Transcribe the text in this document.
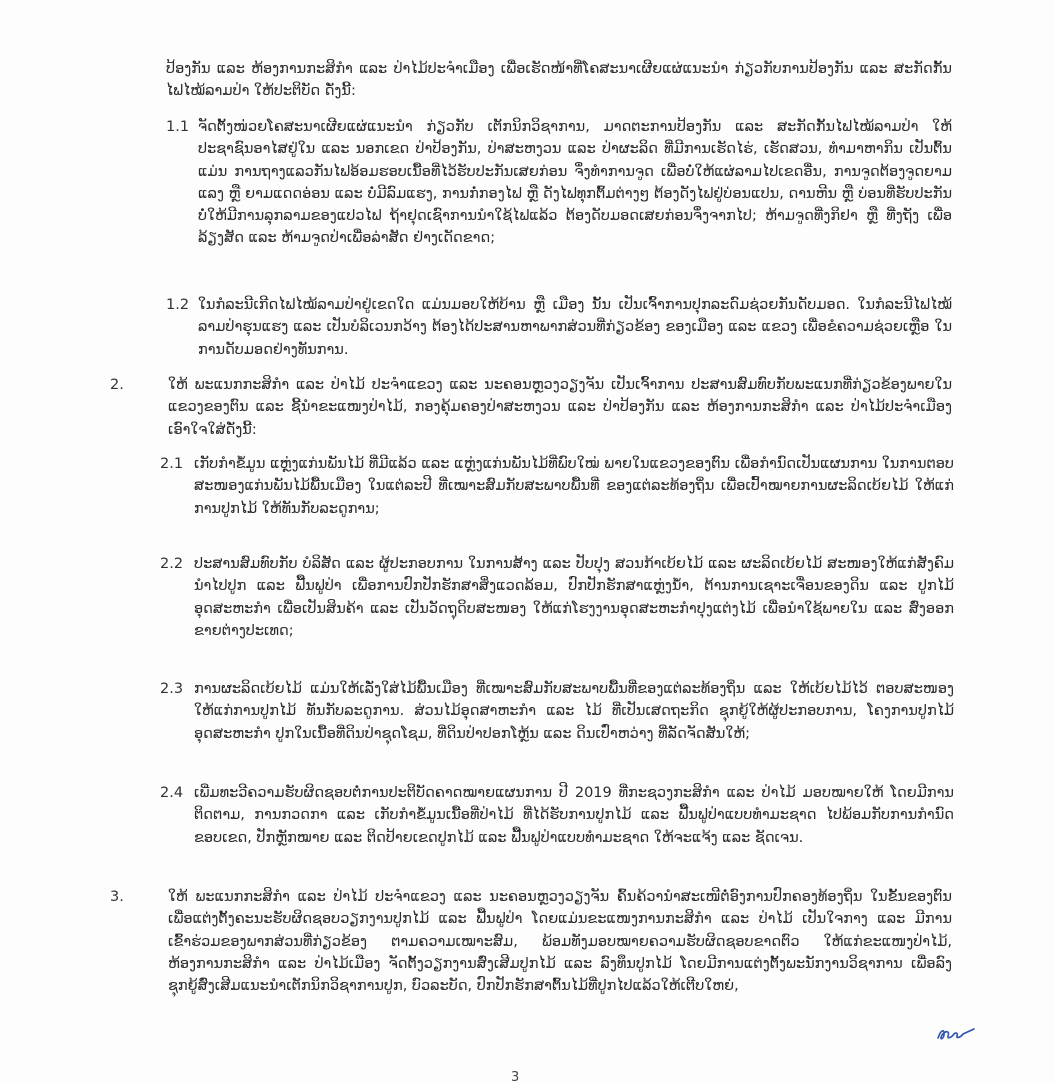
ປ້ອງກັນ ແລະ ຫ້ອງການກະສິກຳ ແລະ ປ່າໄມ້ປະຈຳເມືອງ ເພື່ອເຮັດໜ້າທີ່ໂຄສະນາເຜີຍແຜ່ແນະນຳ ກ່ຽວກັບການປ້ອງກັນ ແລະ ສະກັດກັ້ນໄຟໄໝ້ລາມປ່າ ໃຫ້ປະຕິບັດ ດັ່ງນີ້:
1.1 ຈັດຕັ້ງໜ່ວຍໂຄສະນາເຜີຍແຜ່ແນະນຳ ກ່ຽວກັບ ເຕັກນິກວິຊາການ, ມາດຕະການປ້ອງກັນ ແລະ ສະກັດກັ້ນໄຟໄໝ້ລາມປ່າ ໃຫ້ປະຊາຊົນອາໄສຢູ່ໃນ ແລະ ນອກເຂດ ປ່າປ້ອງກັນ, ປ່າສະຫງວນ ແລະ ປ່າຜະລິດ ທີ່ມີການເຮັດໄຮ່, ເຮັດສວນ, ທຳມາຫາກິນ ເປັນຕົ້ນແມ່ນ ການຖາງແລວກັນໄຟອ້ອມຮອບເນື້ອທີ່ໄວ້ຮັບປະກັນເສຍກ່ອນ ຈຶ່ງທຳການຈູດ ເພື່ອບໍ່ໃຫ້ແຜ່ລາມໄປເຂດອື່ນ, ການຈູດຕ້ອງຈູດຍາມແລງ ຫຼື ຍາມແດດອ່ອນ ແລະ ບໍ່ມີລົມແຮງ, ການກໍ່ກອງໄຟ ຫຼື ດັງໄຟທຸກຕົ້ມຕ່າງໆ ຕ້ອງດັງໄຟຢູ່ບ່ອນແປນ, ດານຫີນ ຫຼື ບ່ອນທີ່ຮັບປະກັນບໍ່ໃຫ້ມີການລຸກລາມຂອງແປວໄຟ ຖ້າຢຸດເຊົາການນຳໃຊ້ໄຟແລ້ວ ຕ້ອງດັບມອດເສຍກ່ອນຈຶ່ງຈາກໄປ; ຫ້າມຈູດທີ່ງກິຢາ ຫຼື ທີ່ງຖັງ ເພື່ອລ້ຽງສັດ ແລະ ຫ້າມຈູດປ່າເພື່ອລ່າສັດ ຢ່າງເດັດຂາດ;
1.2 ໃນກໍລະນີເກີດໄຟໄໝ້ລາມປ່າຢູ່ເຂດໃດ ແມ່ນມອບໃຫ້ບ້ານ ຫຼື ເມືອງ ນັ້ນ ເປັນເຈົ້າການປຸກລະດົມຊ່ວຍກັນດັບມອດ. ໃນກໍລະນີໄຟໄໝ້ລາມປ່າຮຸນແຮງ ແລະ ເປັນບໍລິເວນກວ້າງ ຕ້ອງໄດ້ປະສານຫາພາກສ່ວນທີ່ກ່ຽວຂ້ອງ ຂອງເມືອງ ແລະ ແຂວງ ເພື່ອຂໍຄວາມຊ່ວຍເຫຼືອ ໃນການດັບມອດຢ່າງທັນການ.
2.	ໃຫ້ ພະແນກກະສິກຳ ແລະ ປ່າໄມ້ ປະຈຳແຂວງ ແລະ ນະຄອນຫຼວງວຽງຈັນ ເປັນເຈົ້າການ ປະສານສົມທົບກັບພະແນກທີ່ກ່ຽວຂ້ອງພາຍໃນແຂວງຂອງຕົນ ແລະ ຊີ້ນຳຂະແໜງປ່າໄມ້, ກອງຄຸ້ມຄອງປ່າສະຫງວນ ແລະ ປ່າປ້ອງກັນ ແລະ ຫ້ອງການກະສິກຳ ແລະ ປ່າໄມ້ປະຈຳເມືອງ ເອົາໃຈໃສ່ດັ່ງນີ້:
2.1 ເກັບກຳຂໍ້ມູນ ແຫຼ່ງແກ່ນພັນໄມ້ ທີ່ມີແລ້ວ ແລະ ແຫຼ່ງແກ່ນພັນໄມ້ທີ່ພົບໃໝ່ ພາຍໃນແຂວງຂອງຕົນ ເພື່ອກຳນົດເປັນແຜນການ ໃນການຕອບສະໜອງແກ່ນພັນໄມ້ພື້ນເມືອງ ໃນແຕ່ລະປີ ທີ່ເໝາະສົມກັບສະພາບພື້ນທີ່ ຂອງແຕ່ລະທ້ອງຖິ່ນ ເພື່ອເປົ້າໝາຍການຜະລິດເບ້ຍໄມ້ ໃຫ້ແກ່ການປູກໄມ້ ໃຫ້ທັນກັບລະດູການ;
2.2 ປະສານສົມທົບກັບ ບໍລິສັດ ແລະ ຜູ້ປະກອບການ ໃນການສ້າງ ແລະ ປັບປຸງ ສວນກ້າເບ້ຍໄມ້ ແລະ ຜະລິດເບ້ຍໄມ້ ສະໜອງໃຫ້ແກ່ສັງຄົມ ນຳໄປປູກ ແລະ ຟື້ນຟູປ່າ ເພື່ອການປົກປັກຮັກສາສິ່ງແວດລ້ອມ, ປົກປັກຮັກສາແຫຼ່ງນ້ຳ, ຕ້ານການເຊາະເຈື່ອນຂອງດິນ ແລະ ປູກໄມ້ອຸດສະຫະກຳ ເພື່ອເປັນສິນຄ້າ ແລະ ເປັນວັດຖຸດິບສະໜອງ ໃຫ້ແກ່ໂຮງງານອຸດສະຫະກຳປຸງແຕ່ງໄມ້ ເພື່ອນຳໃຊ້ພາຍໃນ ແລະ ສົ່ງອອກຂາຍຕ່າງປະເທດ;
2.3 ການຜະລິດເບ້ຍໄມ້ ແມ່ນໃຫ້ເລັ່ງໃສ່ໄມ້ພື້ນເມືອງ ທີ່ເໝາະສົມກັບສະພາບພື້ນທີ່ຂອງແຕ່ລະທ້ອງຖິ່ນ ແລະ ໃຫ້ເບ້ຍໄມ້ໄວ້ ຕອບສະໜອງໃຫ້ແກ່ການປູກໄມ້ ທັນກັບລະດູການ. ສ່ວນໄມ້ອຸດສາຫະກຳ ແລະ ໄມ້ ທີ່ເປັນເສດຖະກິດ ຊຸກຍູ້ໃຫ້ຜູ້ປະກອບການ, ໂຄງການປູກໄມ້ອຸດສະຫະກຳ ປູກໃນເນື້ອທີ່ດິນປ່າຊຸດໂຊມ, ທີ່ດິນປ່າປອກໂຫຼ້ນ ແລະ ດິນເປົ່າຫວ່າງ ທີ່ລັດຈັດສັນໃຫ້;
2.4 ເພີ່ມທະວີຄວາມຮັບຜິດຊອບຕໍ່ການປະຕິບັດຄາດໝາຍແຜນການ ປີ 2019 ທີ່ກະຊວງກະສິກຳ ແລະ ປ່າໄມ້ ມອບໝາຍໃຫ້ ໂດຍມີການຕິດຕາມ, ການກວດກາ ແລະ ເກັບກຳຂໍ້ມູນເນື້ອທີ່ປ່າໄມ້ ທີ່ໄດ້ຮັບການປູກໄມ້ ແລະ ຟື້ນຟູປ່າແບບທຳມະຊາດ ໄປພ້ອມກັບການກຳນົດຂອບເຂດ, ປັກຫຼັກໝາຍ ແລະ ຕິດປ້າຍເຂດປູກໄມ້ ແລະ ຟື້ນຟູປ່າແບບທຳມະຊາດ ໃຫ້ຈະແຈ້ງ ແລະ ຊັດເຈນ.
3.	ໃຫ້ ພະແນກກະສິກຳ ແລະ ປ່າໄມ້ ປະຈຳແຂວງ ແລະ ນະຄອນຫຼວງວຽງຈັນ ຄົ້ນຄ້ວານຳສະເໜີຕໍ່ອົງການປົກຄອງທ້ອງຖິ່ນ ໃນຂັ້ນຂອງຕົນ ເພື່ອແຕ່ງຕັ້ງຄະນະຮັບຜິດຊອບວຽກງານປູກໄມ້ ແລະ ຟື້ນຟູປ່າ ໂດຍແມ່ນຂະແໜງການກະສິກຳ ແລະ ປ່າໄມ້ ເປັນໃຈກາງ ແລະ ມີການເຂົ້າຮ່ວມຂອງພາກສ່ວນທີ່ກ່ຽວຂ້ອງ ຕາມຄວາມເໝາະສົມ, ພ້ອມທັງມອບໝາຍຄວາມຮັບຜິດຊອບຂາດຕົວ ໃຫ້ແກ່ຂະແໜງປ່າໄມ້, ຫ້ອງການກະສິກຳ ແລະ ປ່າໄມ້ເມືອງ ຈັດຕັ້ງວຽກງານສົ່ງເສີມປູກໄມ້ ແລະ ລົງທຶນປູກໄມ້ ໂດຍມີການແຕ່ງຕັ້ງພະນັກງານວິຊາການ ເພື່ອລົງຊຸກຍູ້ສົ່ງເສີມແນະນຳເຕັກນິກວິຊາການປູກ, ບົວລະບັດ, ປົກປັກຮັກສາຕົ້ນໄມ້ທີ່ປູກໄປແລ້ວໃຫ້ເຕີບໃຫຍ່,
3
